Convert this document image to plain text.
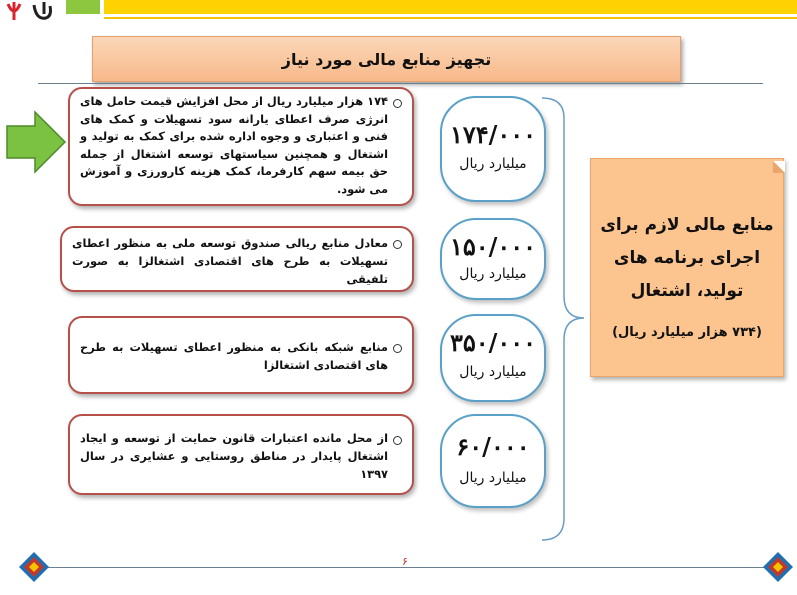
تجهیز منابع مالی مورد نیاز
۱۷۴ هزار میلیارد ریال از محل افزایش قیمت حامل های انرژی صرف اعطای یارانه سود تسهیلات و کمک های فنی و اعتباری و وجوه اداره شده برای کمک به تولید و اشتغال و همچنین سیاستهای توسعه اشتغال از جمله حق بیمه سهم کارفرما، کمک هزینه کارورزی و آموزش می شود.
معادل منابع ریالی صندوق توسعه ملی به منظور اعطای تسهیلات به طرح های اقتصادی اشتغالزا به صورت تلفیقی
منابع شبکه بانکی به منظور اعطای تسهیلات به طرح های اقتصادی اشتغالزا
از محل مانده اعتبارات قانون حمایت از توسعه و ایجاد اشتغال پایدار در مناطق روستایی و عشایری در سال ۱۳۹۷
۱۷۴/۰۰۰
میلیارد ریال
۱۵۰/۰۰۰
میلیارد ریال
۳۵۰/۰۰۰
میلیارد ریال
۶۰/۰۰۰
میلیارد ریال
منابع مالی لازم برای اجرای برنامه های تولید، اشتغال
(۷۳۴ هزار میلیارد ریال)
۶
